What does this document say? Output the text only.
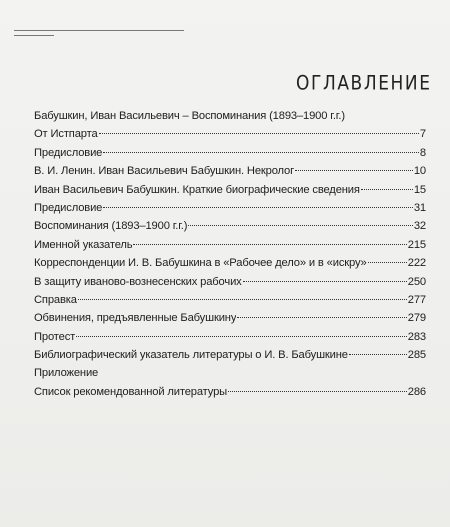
ОГЛАВЛЕНИЕ
Бабушкин, Иван Васильевич – Воспоминания (1893–1900 г.г.)
От Истпарта	7
Предисловие	8
В. И. Ленин. Иван Васильевич Бабушкин. Некролог	10
Иван Васильевич Бабушкин. Краткие биографические сведения	15
Предисловие	31
Воспоминания (1893–1900 г.г.)	32
Именной указатель	215
Корреспонденции И. В. Бабушкина в «Рабочее дело» и в «искру»	222
В защиту иваново-вознесенских рабочих	250
Справка	277
Обвинения, предъявленные Бабушкину	279
Протест	283
Библиографический указатель литературы о И. В. Бабушкине	285
Приложение
Список рекомендованной литературы	286
